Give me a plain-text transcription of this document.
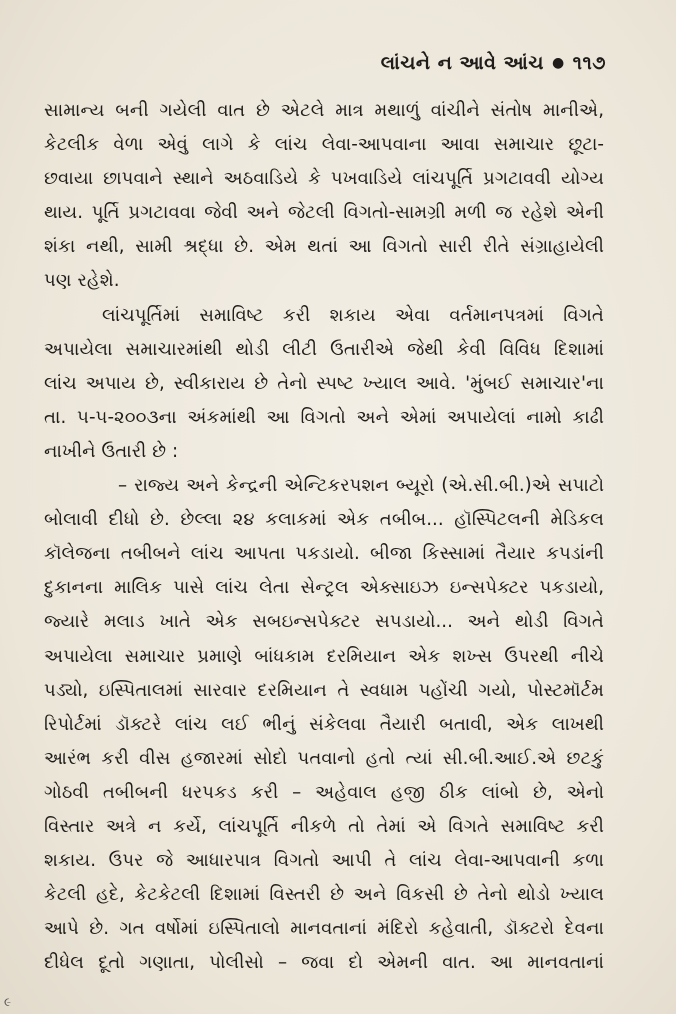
લાંચને ન આવે આંચ ● ૧૧૭
સામાન્ય બની ગયેલી વાત છે એટલે માત્ર મથાળું વાંચીને સંતોષ માનીએ,
કેટલીક વેળા એવું લાગે કે લાંચ લેવા-આપવાના આવા સમાચાર છૂટા-
છવાયા છાપવાને સ્થાને અઠવાડિયે કે પખવાડિયે લાંચપૂર્તિ પ્રગટાવવી યોગ્ય
થાય. પૂર્તિ પ્રગટાવવા જેવી અને જેટલી વિગતો-સામગ્રી મળી જ રહેશે એની
શંકા નથી, સામી શ્રદ્ધા છે. એમ થતાં આ વિગતો સારી રીતે સંગ્રાહાયેલી
પણ રહેશે.
લાંચપૂર્તિમાં સમાવિષ્ટ કરી શકાય એવા વર્તમાનપત્રમાં વિગતે
અપાયેલા સમાચારમાંથી થોડી લીટી ઉતારીએ જેથી કેવી વિવિધ દિશામાં
લાંચ અપાય છે, સ્વીકારાય છે તેનો સ્પષ્ટ ખ્યાલ આવે. 'મુંબઈ સમાચાર'ના
તા. ૫-૫-૨૦૦૩ના અંકમાંથી આ વિગતો અને એમાં અપાયેલાં નામો કાઢી
નાખીને ઉતારી છે :
– રાજ્ય અને કેન્દ્રની એન્ટિકરપશન બ્યૂરો (એ.સી.બી.)એ સપાટો
બોલાવી દીધો છે. છેલ્લા ૨૪ કલાકમાં એક તબીબ... હૉસ્પિટલની મેડિકલ
કૉલેજના તબીબને લાંચ આપતા પકડાયો. બીજા કિસ્સામાં તૈયાર કપડાંની
દુકાનના માલિક પાસે લાંચ લેતા સેન્ટ્રલ એક્સાઇઝ ઇન્સપેક્ટર પકડાયો,
જ્યારે મલાડ ખાતે એક સબઇન્સપેક્ટર સપડાયો... અને થોડી વિગતે
અપાયેલા સમાચાર પ્રમાણે બાંધકામ દરમિયાન એક શખ્સ ઉપરથી નીચે
પડ્યો, ઇસ્પિતાલમાં સારવાર દરમિયાન તે સ્વધામ પહોંચી ગયો, પોસ્ટમૉર્ટમ
રિપોર્ટમાં ડૉક્ટરે લાંચ લઈ ભીનું સંકેલવા તૈયારી બતાવી, એક લાખથી
આરંભ કરી વીસ હજારમાં સોદો પતવાનો હતો ત્યાં સી.બી.આઈ.એ છટકું
ગોઠવી તબીબની ધરપકડ કરી – અહેવાલ હજી ઠીક લાંબો છે, એનો
વિસ્તાર અત્રે ન કર્યે, લાંચપૂર્તિ નીકળે તો તેમાં એ વિગતે સમાવિષ્ટ કરી
શકાય. ઉપર જે આધારપાત્ર વિગતો આપી તે લાંચ લેવા-આપવાની કળા
કેટલી હદે, કેટકેટલી દિશામાં વિસ્તરી છે અને વિકસી છે તેનો થોડો ખ્યાલ
આપે છે. ગત વર્ષોમાં ઇસ્પિતાલો માનવતાનાં મંદિરો કહેવાતી, ડૉક્ટરો દેવના
દીધેલ દૂતો ગણાતા, પોલીસો – જવા દો એમની વાત. આ માનવતાનાં
૯
